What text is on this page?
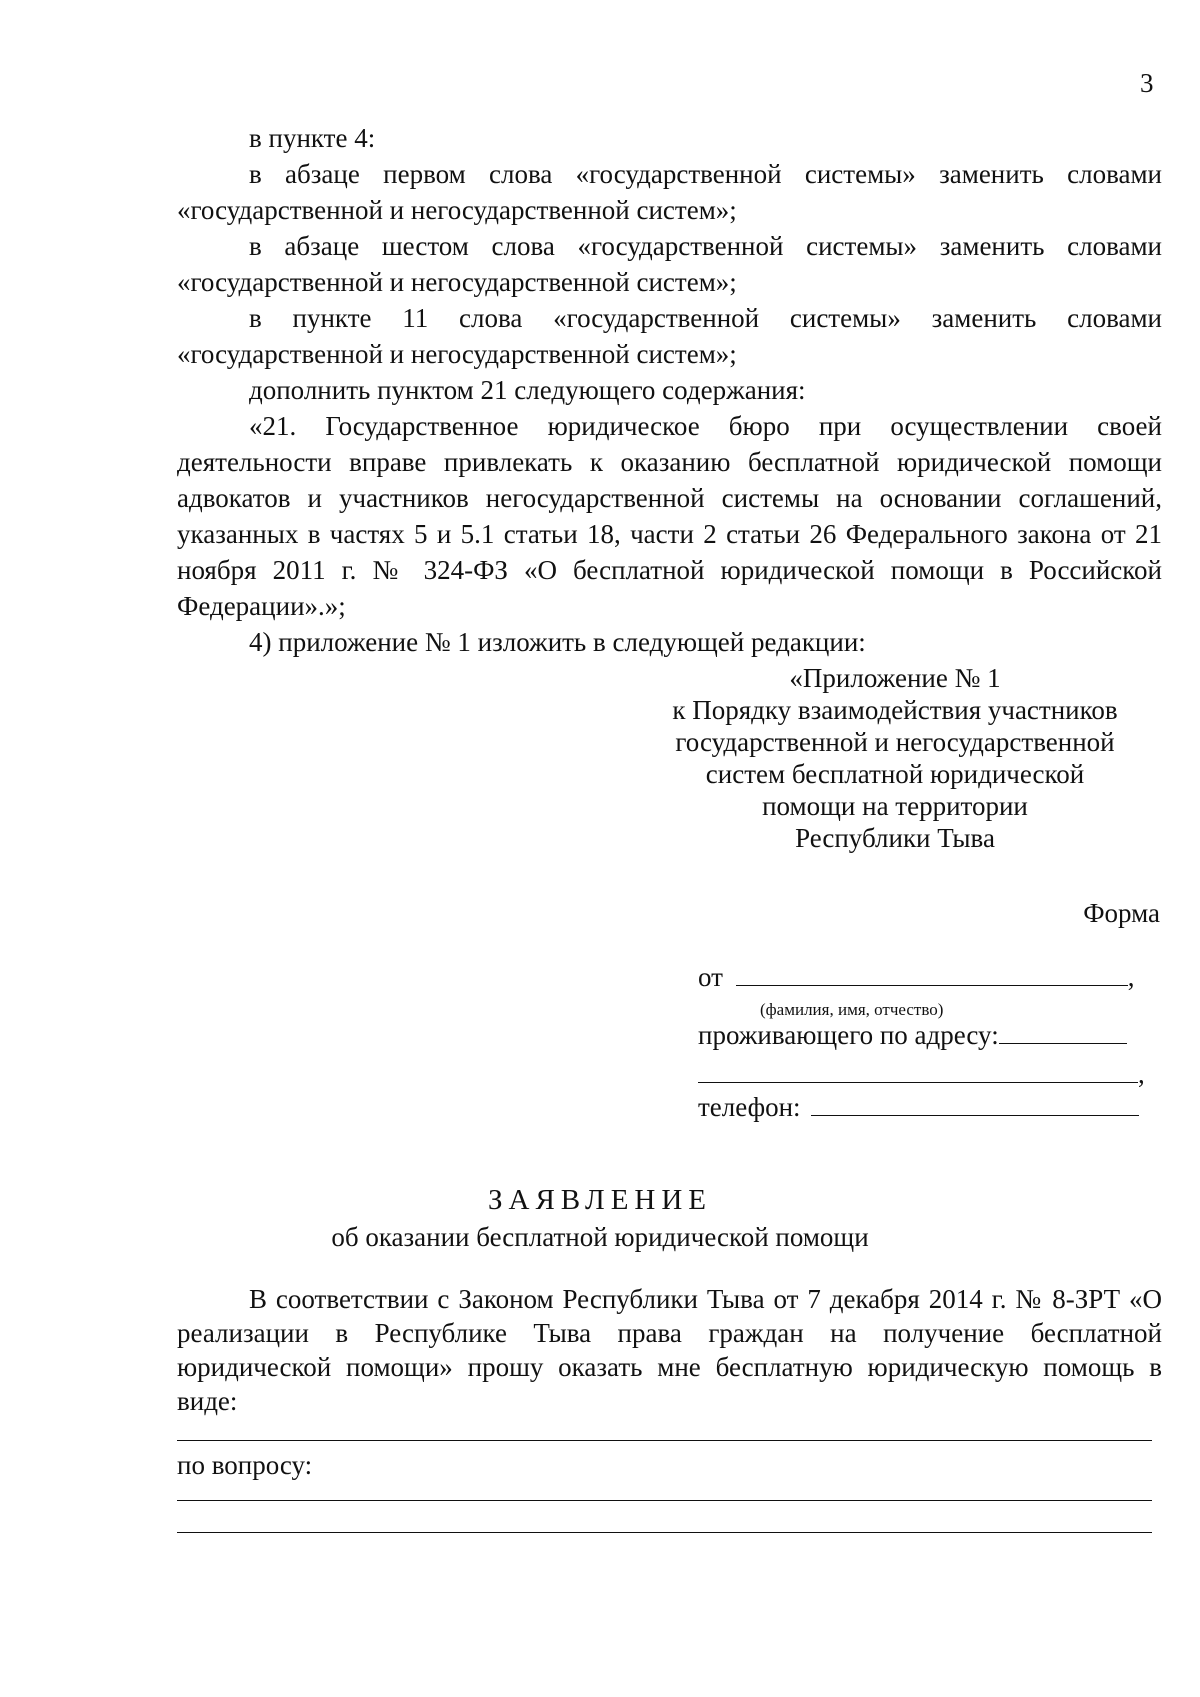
3

в пункте 4:

в абзаце первом слова «государственной системы» заменить словами «государственной и негосударственной систем»;

в абзаце шестом слова «государственной системы» заменить словами «государственной и негосударственной систем»;

в пункте 11 слова «государственной системы» заменить словами «государственной и негосударственной систем»;

дополнить пунктом 21 следующего содержания:

«21. Государственное юридическое бюро при осуществлении своей деятельности вправе привлекать к оказанию бесплатной юридической помощи адвокатов и участников негосударственной системы на основании соглашений, указанных в частях 5 и 5.1 статьи 18, части 2 статьи 26 Федерального закона от 21 ноября 2011 г. № 324-ФЗ «О бесплатной юридической помощи в Российской Федерации».»;

4) приложение № 1 изложить в следующей редакции:

«Приложение № 1
к Порядку взаимодействия участников
государственной и негосударственной
систем бесплатной юридической
помощи на территории
Республики Тыва
Форма
от	,
проживающего по адресу:
,
телефон:
(фамилия, имя, отчество)
ЗАЯВЛЕНИЕ
об оказании бесплатной юридической помощи

В соответствии с Законом Республики Тыва от 7 декабря 2014 г. № 8-ЗРТ «О реализации в Республике Тыва права граждан на получение бесплатной юридической помощи» прошу оказать мне бесплатную юридическую помощь в виде:

по вопросу:
